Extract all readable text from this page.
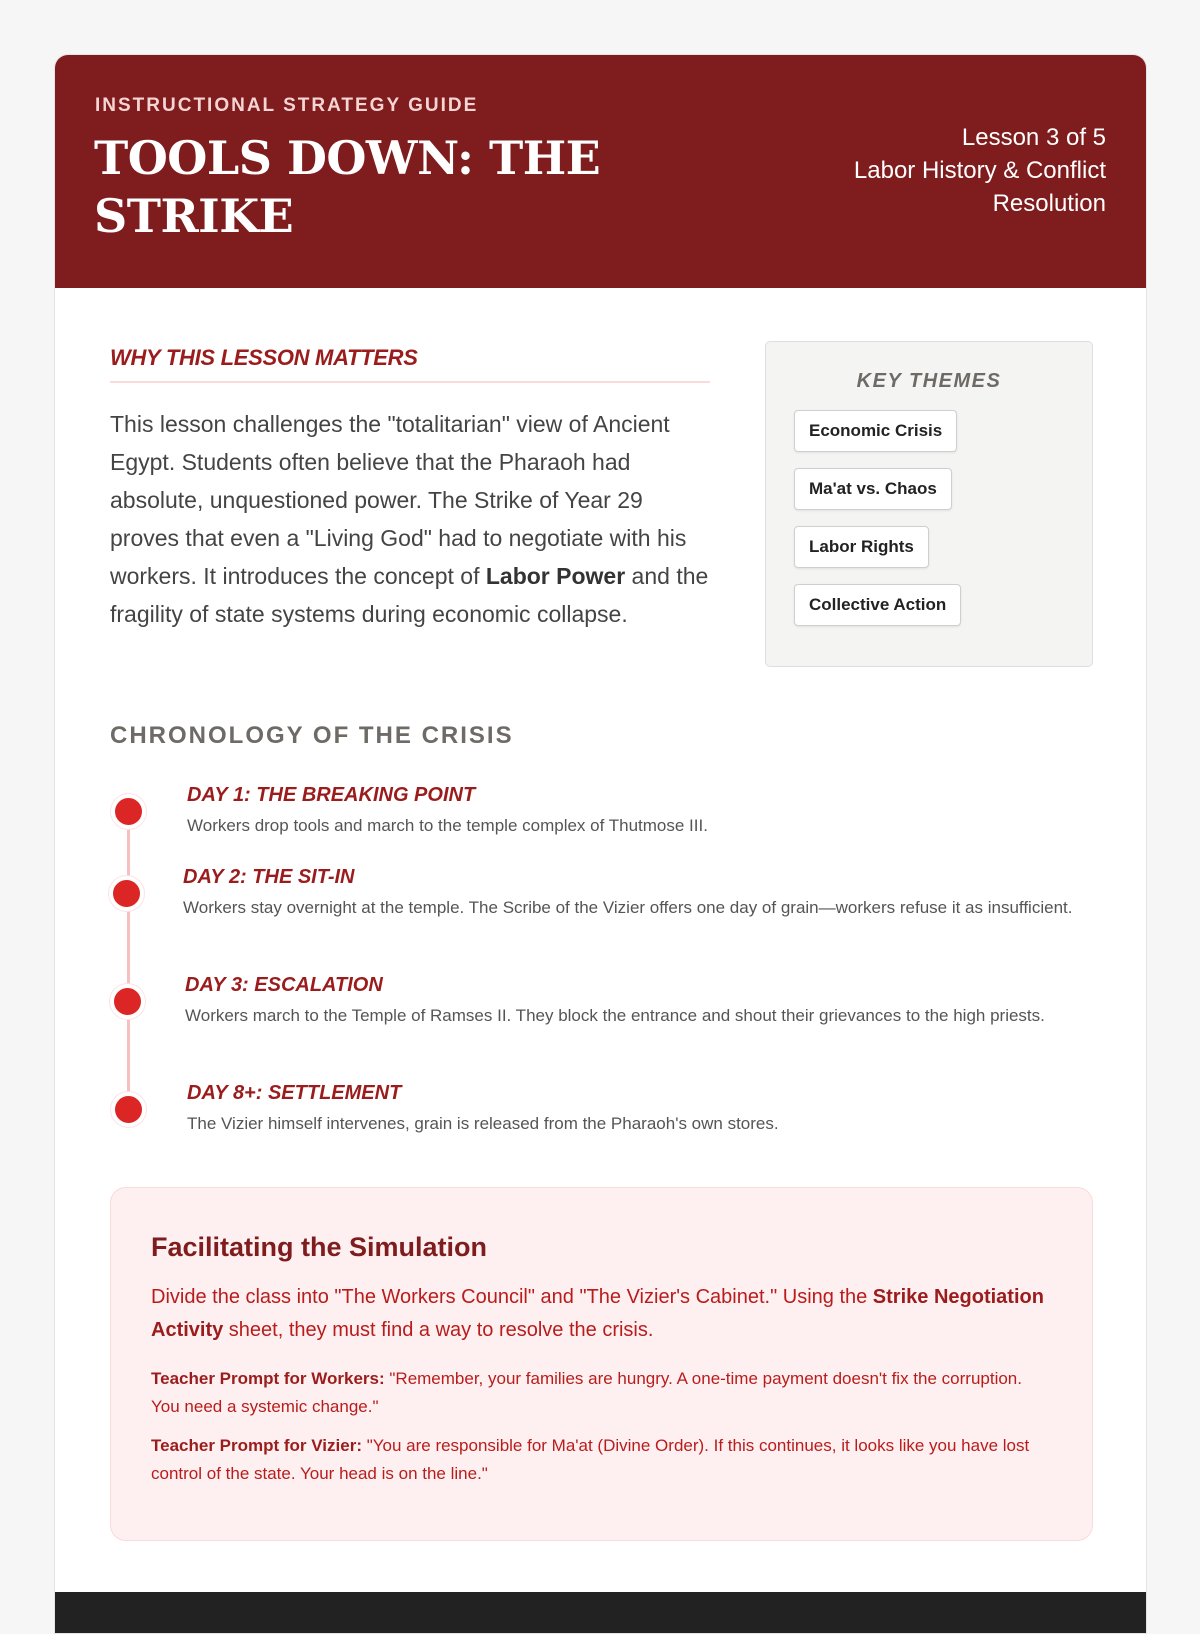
INSTRUCTIONAL STRATEGY GUIDE
TOOLS DOWN: THE STRIKE
Lesson 3 of 5
Labor History & Conflict Resolution
WHY THIS LESSON MATTERS

This lesson challenges the "totalitarian" view of Ancient Egypt. Students often believe that the Pharaoh had absolute, unquestioned power. The Strike of Year 29 proves that even a "Living God" had to negotiate with his workers. It introduces the concept of Labor Power and the fragility of state systems during economic collapse.

KEY THEMES
Economic Crisis
Ma'at vs. Chaos
Labor Rights
Collective Action
CHRONOLOGY OF THE CRISIS
DAY 1: THE BREAKING POINT

Workers drop tools and march to the temple complex of Thutmose III.

DAY 2: THE SIT-IN

Workers stay overnight at the temple. The Scribe of the Vizier offers one day of grain—workers refuse it as insufficient.

DAY 3: ESCALATION

Workers march to the Temple of Ramses II. They block the entrance and shout their grievances to the high priests.

DAY 8+: SETTLEMENT

The Vizier himself intervenes, grain is released from the Pharaoh's own stores.

Facilitating the Simulation

Divide the class into "The Workers Council" and "The Vizier's Cabinet." Using the Strike Negotiation Activity sheet, they must find a way to resolve the crisis.

Teacher Prompt for Workers: "Remember, your families are hungry. A one-time payment doesn't fix the corruption. You need a systemic change."

Teacher Prompt for Vizier: "You are responsible for Ma'at (Divine Order). If this continues, it looks like you have lost control of the state. Your head is on the line."
